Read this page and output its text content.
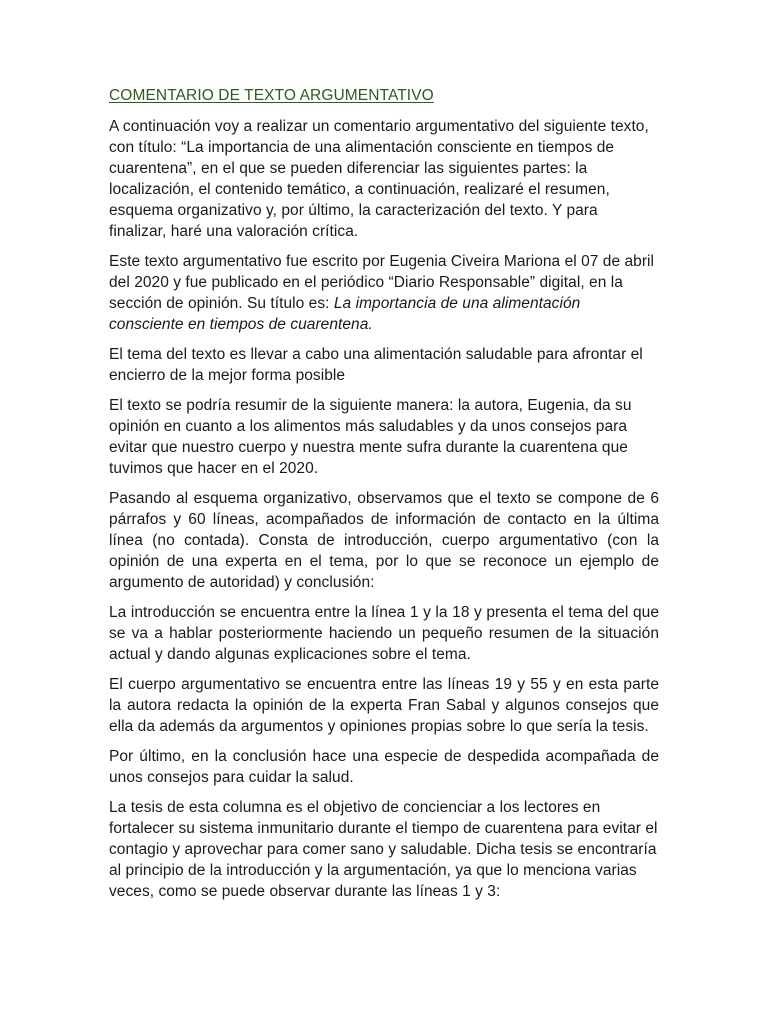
COMENTARIO DE TEXTO ARGUMENTATIVO

A continuación voy a realizar un comentario argumentativo del siguiente texto, con título: “La importancia de una alimentación consciente en tiempos de cuarentena”, en el que se pueden diferenciar las siguientes partes: la localización, el contenido temático, a continuación, realizaré el resumen, esquema organizativo y, por último, la caracterización del texto. Y para finalizar, haré una valoración crítica.

Este texto argumentativo fue escrito por Eugenia Civeira Mariona el 07 de abril del 2020 y fue publicado en el periódico “Diario Responsable” digital, en la sección de opinión. Su título es: La importancia de una alimentación consciente en tiempos de cuarentena.

El tema del texto es llevar a cabo una alimentación saludable para afrontar el encierro de la mejor forma posible

El texto se podría resumir de la siguiente manera: la autora, Eugenia, da su opinión en cuanto a los alimentos más saludables y da unos consejos para evitar que nuestro cuerpo y nuestra mente sufra durante la cuarentena que tuvimos que hacer en el 2020.

Pasando al esquema organizativo, observamos que el texto se compone de 6 párrafos y 60 líneas, acompañados de información de contacto en la última línea (no contada). Consta de introducción, cuerpo argumentativo (con la opinión de una experta en el tema, por lo que se reconoce un ejemplo de argumento de autoridad) y conclusión:

La introducción se encuentra entre la línea 1 y la 18 y presenta el tema del que se va a hablar posteriormente haciendo un pequeño resumen de la situación actual y dando algunas explicaciones sobre el tema.

El cuerpo argumentativo se encuentra entre las líneas 19 y 55 y en esta parte la autora redacta la opinión de la experta Fran Sabal y algunos consejos que ella da además da argumentos y opiniones propias sobre lo que sería la tesis.

Por último, en la conclusión hace una especie de despedida acompañada de unos consejos para cuidar la salud.

La tesis de esta columna es el objetivo de concienciar a los lectores en fortalecer su sistema inmunitario durante el tiempo de cuarentena para evitar el contagio y aprovechar para comer sano y saludable. Dicha tesis se encontraría al principio de la introducción y la argumentación, ya que lo menciona varias veces, como se puede observar durante las líneas 1 y 3:
